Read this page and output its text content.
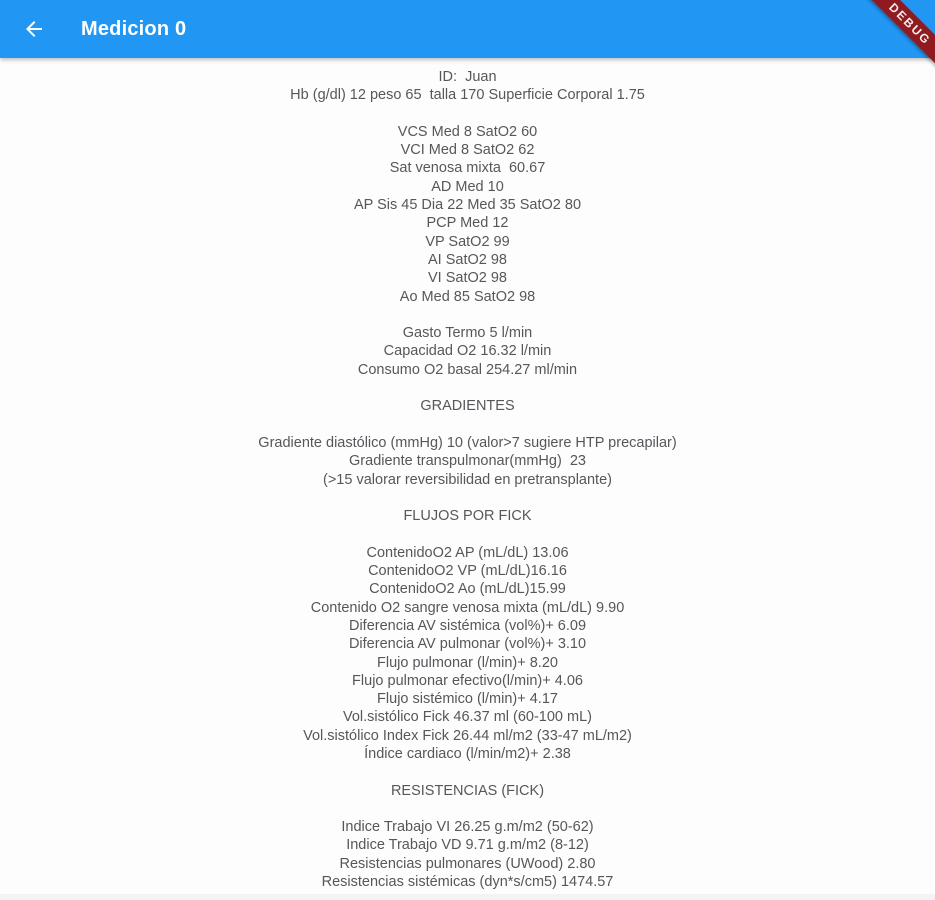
Medicion 0	DEBUG
ID:  Juan
Hb (g/dl) 12 peso 65  talla 170 Superficie Corporal 1.75
VCS Med 8 SatO2 60
VCI Med 8 SatO2 62
Sat venosa mixta  60.67
AD Med 10
AP Sis 45 Dia 22 Med 35 SatO2 80
PCP Med 12
VP SatO2 99
AI SatO2 98
VI SatO2 98
Ao Med 85 SatO2 98
Gasto Termo 5 l/min
Capacidad O2 16.32 l/min
Consumo O2 basal 254.27 ml/min
GRADIENTES
Gradiente diastólico (mmHg) 10 (valor>7 sugiere HTP precapilar)
Gradiente transpulmonar(mmHg)  23
(>15 valorar reversibilidad en pretransplante)
FLUJOS POR FICK
ContenidoO2 AP (mL/dL) 13.06
ContenidoO2 VP (mL/dL)16.16
ContenidoO2 Ao (mL/dL)15.99
Contenido O2 sangre venosa mixta (mL/dL) 9.90
Diferencia AV sistémica (vol%)+ 6.09
Diferencia AV pulmonar (vol%)+ 3.10
Flujo pulmonar (l/min)+ 8.20
Flujo pulmonar efectivo(l/min)+ 4.06
Flujo sistémico (l/min)+ 4.17
Vol.sistólico Fick 46.37 ml (60-100 mL)
Vol.sistólico Index Fick 26.44 ml/m2 (33-47 mL/m2)
Índice cardiaco (l/min/m2)+ 2.38
RESISTENCIAS (FICK)
Indice Trabajo VI 26.25 g.m/m2 (50-62)
Indice Trabajo VD 9.71 g.m/m2 (8-12)
Resistencias pulmonares (UWood) 2.80
Resistencias sistémicas (dyn*s/cm5) 1474.57
